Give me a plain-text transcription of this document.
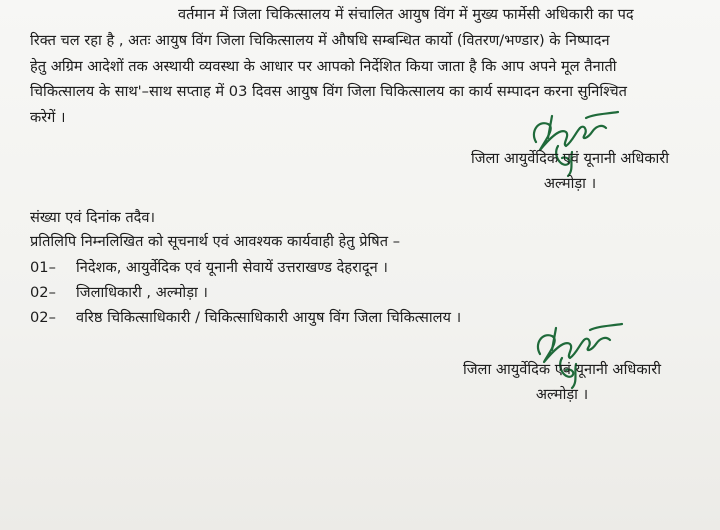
वर्तमान में जिला चिकित्सालय में संचालित आयुष विंग में मुख्य फार्मेसी अधिकारी का पद
रिक्त चल रहा है , अतः आयुष विंग जिला चिकित्सालय में औषधि सम्बन्धित कार्यो (वितरण/भण्डार) के निष्पादन
हेतु अग्रिम आदेशों तक अस्थायी व्यवस्था के आधार पर आपको निर्देशित किया जाता है कि आप अपने मूल तैनाती
चिकित्सालय के साथ'–साथ सप्ताह में 03 दिवस आयुष विंग जिला चिकित्सालय का कार्य सम्पादन करना सुनिश्चित
करेगें ।
जिला आयुर्वेदिक एवं यूनानी अधिकारी
अल्मोड़ा ।
संख्या एवं दिनांक तदैव।
प्रतिलिपि निम्नलिखित को सूचनार्थ एवं आवश्यक कार्यवाही हेतु प्रेषित –
01–	निदेशक, आयुर्वेदिक एवं यूनानी सेवायें उत्तराखण्ड देहरादून ।
02–	जिलाधिकारी , अल्मोड़ा ।
02–	वरिष्ठ चिकित्साधिकारी / चिकित्साधिकारी आयुष विंग जिला चिकित्सालय ।
जिला आयुर्वेदिक एवं यूनानी अधिकारी
अल्मोड़ा ।
